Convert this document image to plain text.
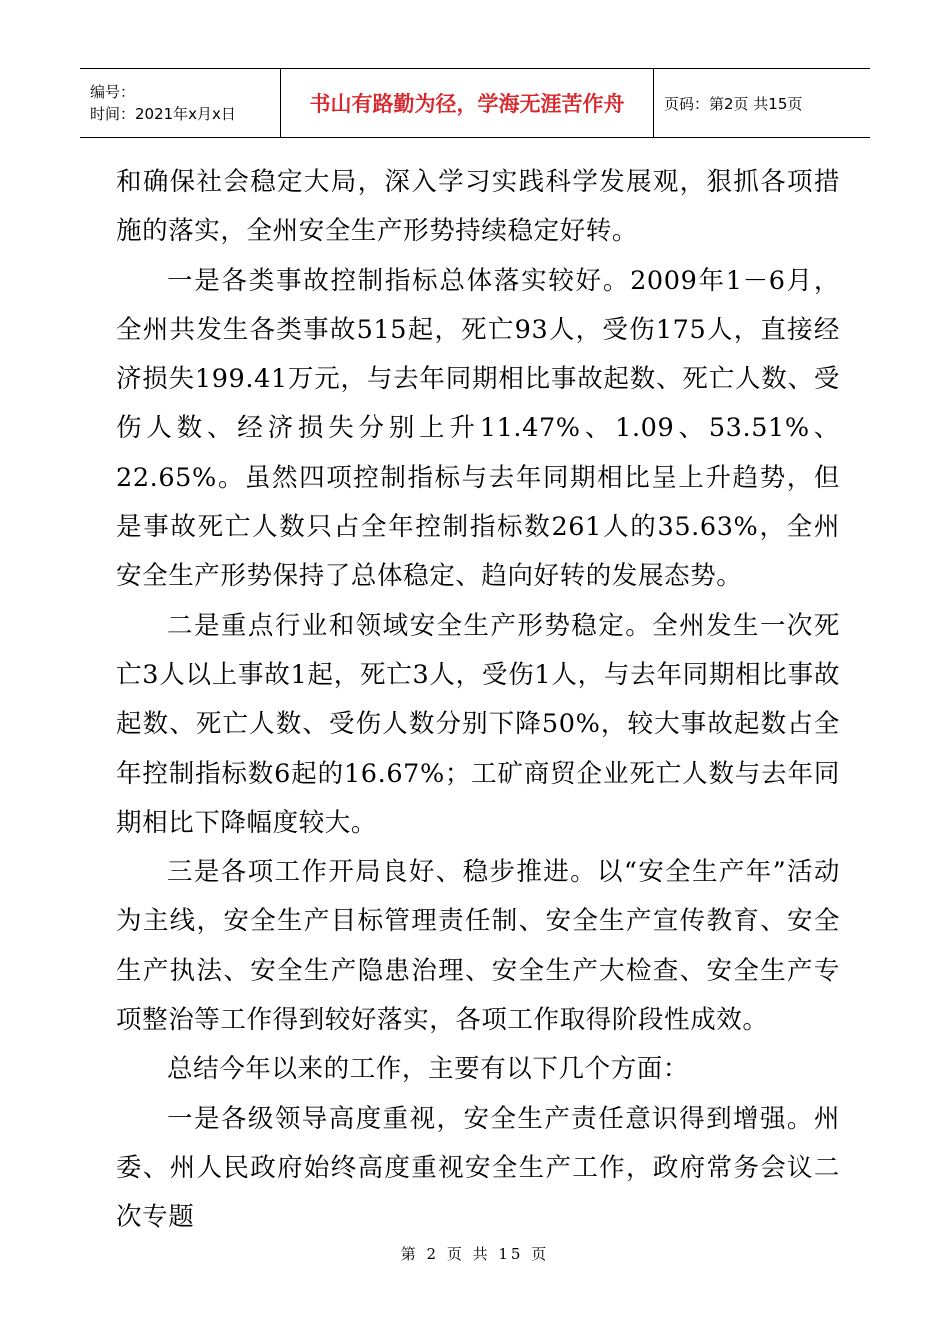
编号：
时间：2021年x月x日	书山有路勤为径，学海无涯苦作舟	页码：第2页 共15页

和确保社会稳定大局，深入学习实践科学发展观，狠抓各项措施的落实，全州安全生产形势持续稳定好转。

一是各类事故控制指标总体落实较好。2009年1－6月，全州共发生各类事故515起，死亡93人，受伤175人，直接经济损失199.41万元，与去年同期相比事故起数、死亡人数、受伤人数、经济损失分别上升11.47%、1.09、53.51%、22.65%。虽然四项控制指标与去年同期相比呈上升趋势，但是事故死亡人数只占全年控制指标数261人的35.63%，全州安全生产形势保持了总体稳定、趋向好转的发展态势。

二是重点行业和领域安全生产形势稳定。全州发生一次死亡3人以上事故1起，死亡3人，受伤1人，与去年同期相比事故起数、死亡人数、受伤人数分别下降50%，较大事故起数占全年控制指标数6起的16.67%；工矿商贸企业死亡人数与去年同期相比下降幅度较大。

三是各项工作开局良好、稳步推进。以“安全生产年”活动为主线，安全生产目标管理责任制、安全生产宣传教育、安全生产执法、安全生产隐患治理、安全生产大检查、安全生产专项整治等工作得到较好落实，各项工作取得阶段性成效。

总结今年以来的工作，主要有以下几个方面：

一是各级领导高度重视，安全生产责任意识得到增强。州委、州人民政府始终高度重视安全生产工作，政府常务会议二次专题

第 2 页 共 15 页
